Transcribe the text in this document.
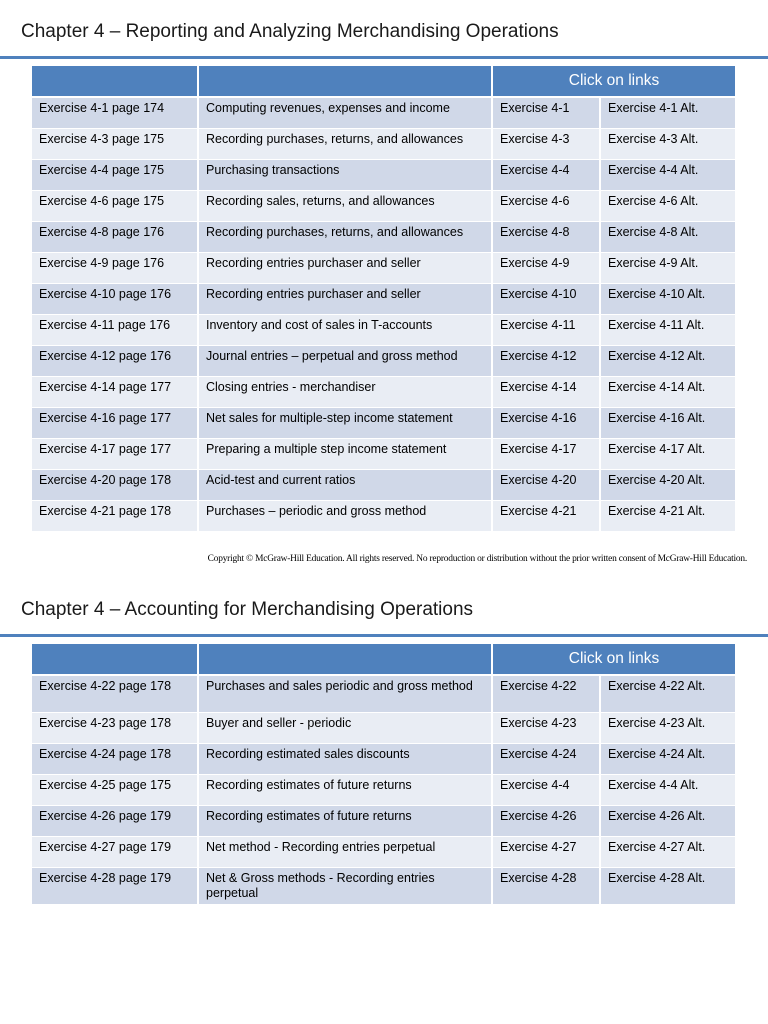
Chapter 4 – Reporting and Analyzing Merchandising Operations
		Click on links	
Exercise 4-1 page 174	Computing revenues, expenses and income	Exercise 4-1	Exercise 4-1 Alt.
Exercise 4-3 page 175	Recording purchases, returns, and allowances	Exercise 4-3	Exercise 4-3 Alt.
Exercise 4-4 page 175	Purchasing transactions	Exercise 4-4	Exercise 4-4 Alt.
Exercise 4-6 page 175	Recording sales, returns, and allowances	Exercise 4-6	Exercise 4-6 Alt.
Exercise 4-8 page 176	Recording purchases, returns, and allowances	Exercise 4-8	Exercise 4-8 Alt.
Exercise 4-9 page 176	Recording entries purchaser and seller	Exercise 4-9	Exercise 4-9 Alt.
Exercise 4-10 page 176	Recording entries purchaser and seller	Exercise 4-10	Exercise 4-10 Alt.
Exercise 4-11 page 176	Inventory and cost of sales in T-accounts	Exercise 4-11	Exercise 4-11 Alt.
Exercise 4-12 page 176	Journal entries – perpetual and gross method	Exercise 4-12	Exercise 4-12 Alt.
Exercise 4-14 page 177	Closing entries - merchandiser	Exercise 4-14	Exercise 4-14 Alt.
Exercise 4-16 page 177	Net sales for multiple-step income statement	Exercise 4-16	Exercise 4-16 Alt.
Exercise 4-17 page 177	Preparing a multiple step income statement	Exercise 4-17	Exercise 4-17 Alt.
Exercise 4-20 page 178	Acid-test and current ratios	Exercise 4-20	Exercise 4-20 Alt.
Exercise 4-21 page 178	Purchases – periodic and gross method	Exercise 4-21	Exercise 4-21 Alt.
Copyright © McGraw-Hill Education. All rights reserved. No reproduction or distribution without the prior written consent of McGraw-Hill Education.
Chapter 4 – Accounting for Merchandising Operations
		Click on links	
Exercise 4-22 page 178	Purchases and sales periodic and gross method	Exercise 4-22	Exercise 4-22 Alt.
Exercise 4-23 page 178	Buyer and seller - periodic	Exercise 4-23	Exercise 4-23 Alt.
Exercise 4-24 page 178	Recording estimated sales discounts	Exercise 4-24	Exercise 4-24 Alt.
Exercise 4-25 page 175	Recording estimates of future returns	Exercise 4-4	Exercise 4-4 Alt.
Exercise 4-26 page 179	Recording estimates of future returns	Exercise 4-26	Exercise 4-26 Alt.
Exercise 4-27 page 179	Net method - Recording entries perpetual	Exercise 4-27	Exercise 4-27 Alt.
Exercise 4-28 page 179	Net & Gross methods - Recording entries perpetual	Exercise 4-28	Exercise 4-28 Alt.
